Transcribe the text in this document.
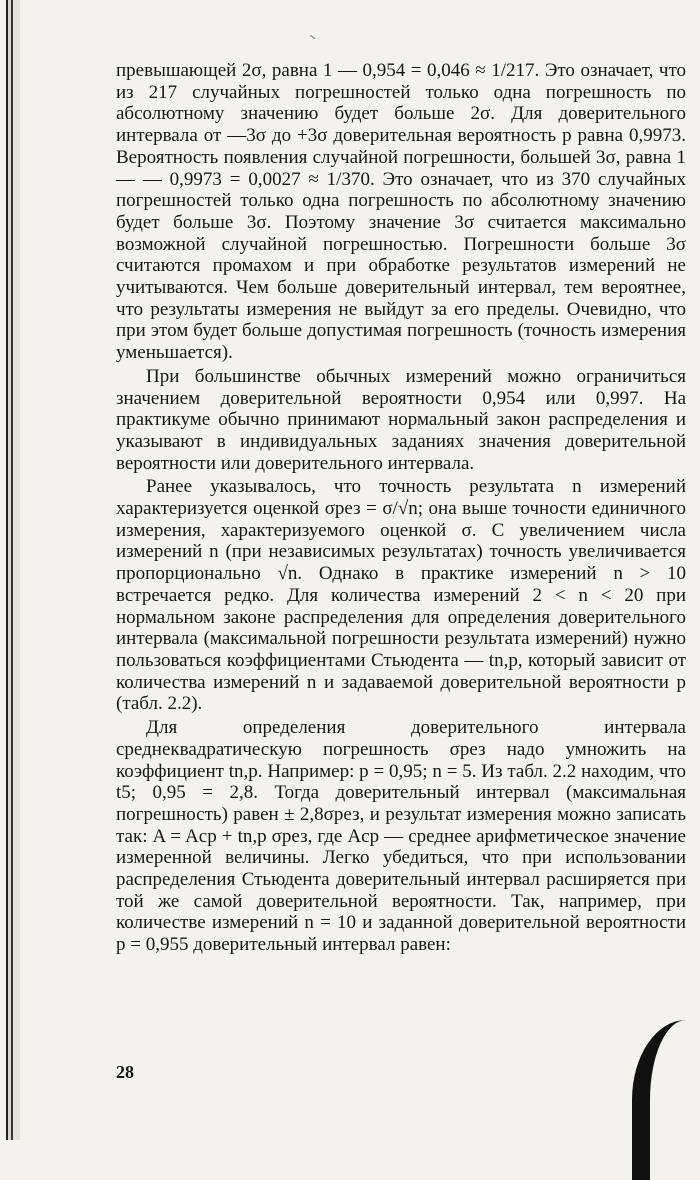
превышающей 2σ, равна 1 — 0,954 = 0,046 ≈ 1/217. Это означает, что из 217 случайных погрешностей только одна погрешность по абсолютному значению будет больше 2σ. Для доверительного интервала от —3σ до +3σ доверительная вероятность p равна 0,9973. Вероятность появления случайной погрешности, большей 3σ, равна 1 — — 0,9973 = 0,0027 ≈ 1/370. Это означает, что из 370 случайных погрешностей только одна погрешность по абсолютному значению будет больше 3σ. Поэтому значение 3σ считается максимально возможной случайной погрешностью. Погрешности больше 3σ считаются промахом и при обработке результатов измерений не учитываются. Чем больше доверительный интервал, тем вероятнее, что результаты измерения не выйдут за его пределы. Очевидно, что при этом будет больше допустимая погрешность (точность измерения уменьшается).

При большинстве обычных измерений можно ограничиться значением доверительной вероятности 0,954 или 0,997. На практикуме обычно принимают нормальный закон распределения и указывают в индивидуальных заданиях значения доверительной вероятности или доверительного интервала.

Ранее указывалось, что точность результата n измерений характеризуется оценкой σрез = σ/√n; она выше точности единичного измерения, характеризуемого оценкой σ. С увеличением числа измерений n (при независимых результатах) точность увеличивается пропорционально √n. Однако в практике измерений n > 10 встречается редко. Для количества измерений 2 < n < 20 при нормальном законе распределения для определения доверительного интервала (максимальной погрешности результата измерений) нужно пользоваться коэффициентами Стьюдента — tn,p, который зависит от количества измерений n и задаваемой доверительной вероятности p (табл. 2.2).

Для определения доверительного интервала среднеквадратическую погрешность σрез надо умножить на коэффициент tn,p. Например: p = 0,95; n = 5. Из табл. 2.2 находим, что t5; 0,95 = 2,8. Тогда доверительный интервал (максимальная погрешность) равен ± 2,8σрез, и результат измерения можно записать так: A = Aср + tn,p σрез, где Aср — среднее арифметическое значение измеренной величины. Легко убедиться, что при использовании распределения Стьюдента доверительный интервал расширяется при той же самой доверительной вероятности. Так, например, при количестве измерений n = 10 и заданной доверительной вероятности p = 0,955 доверительный интервал равен:

28
